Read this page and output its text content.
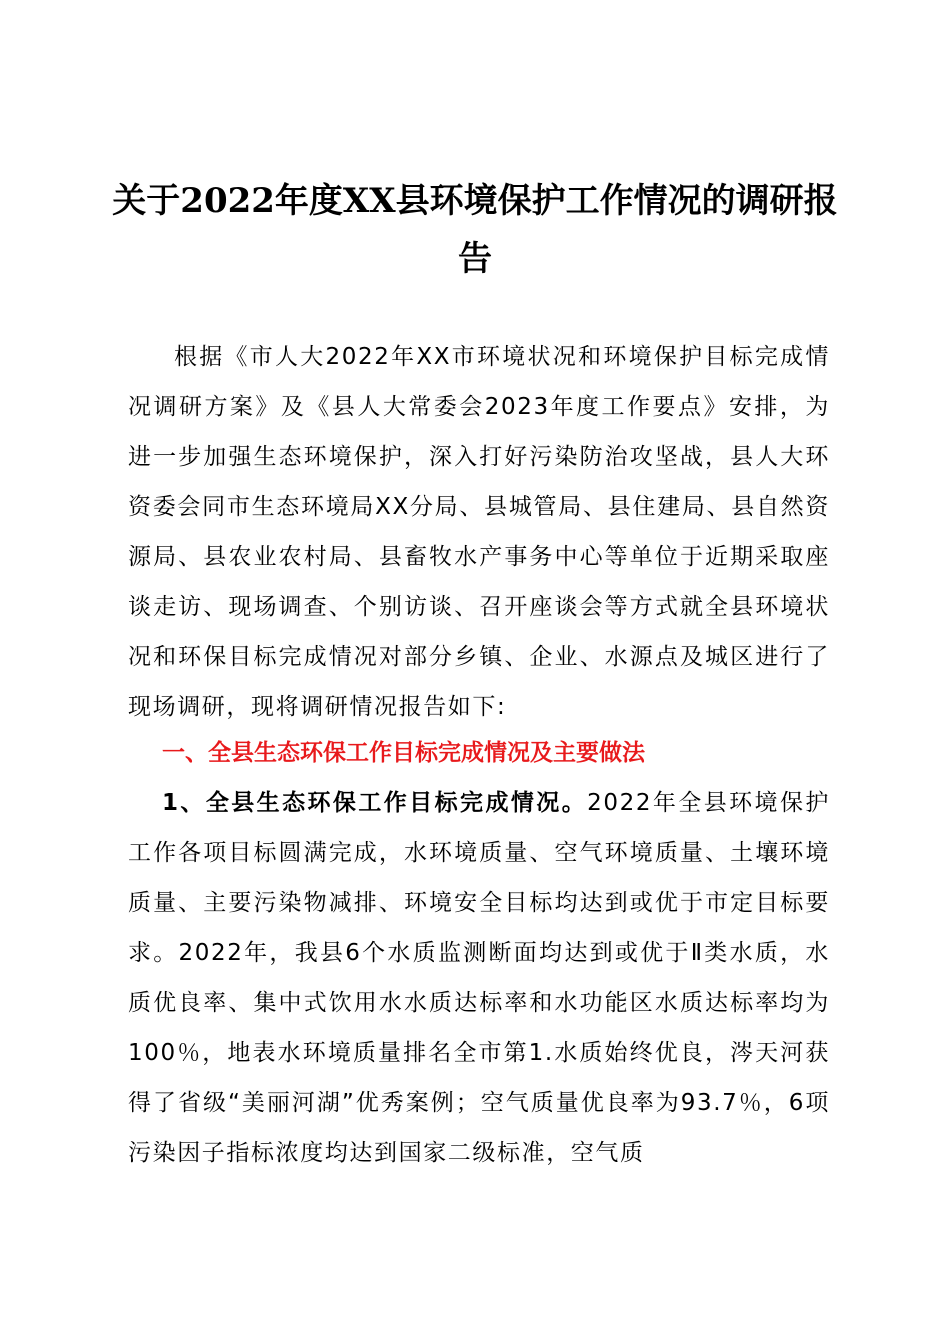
关于2022年度XX县环境保护工作情况的调研报告

根据《市人大2022年XX市环境状况和环境保护目标完成情况调研方案》及《县人大常委会2023年度工作要点》安排，为进一步加强生态环境保护，深入打好污染防治攻坚战，县人大环资委会同市生态环境局XX分局、县城管局、县住建局、县自然资源局、县农业农村局、县畜牧水产事务中心等单位于近期采取座谈走访、现场调查、个别访谈、召开座谈会等方式就全县环境状况和环保目标完成情况对部分乡镇、企业、水源点及城区进行了现场调研，现将调研情况报告如下:

一、全县生态环保工作目标完成情况及主要做法

1、全县生态环保工作目标完成情况。2022年全县环境保护工作各项目标圆满完成，水环境质量、空气环境质量、土壤环境质量、主要污染物减排、环境安全目标均达到或优于市定目标要求。2022年，我县6个水质监测断面均达到或优于Ⅱ类水质，水质优良率、集中式饮用水水质达标率和水功能区水质达标率均为100％，地表水环境质量排名全市第1.水质始终优良，涔天河获得了省级“美丽河湖”优秀案例；空气质量优良率为93.7％，6项污染因子指标浓度均达到国家二级标准，空气质
